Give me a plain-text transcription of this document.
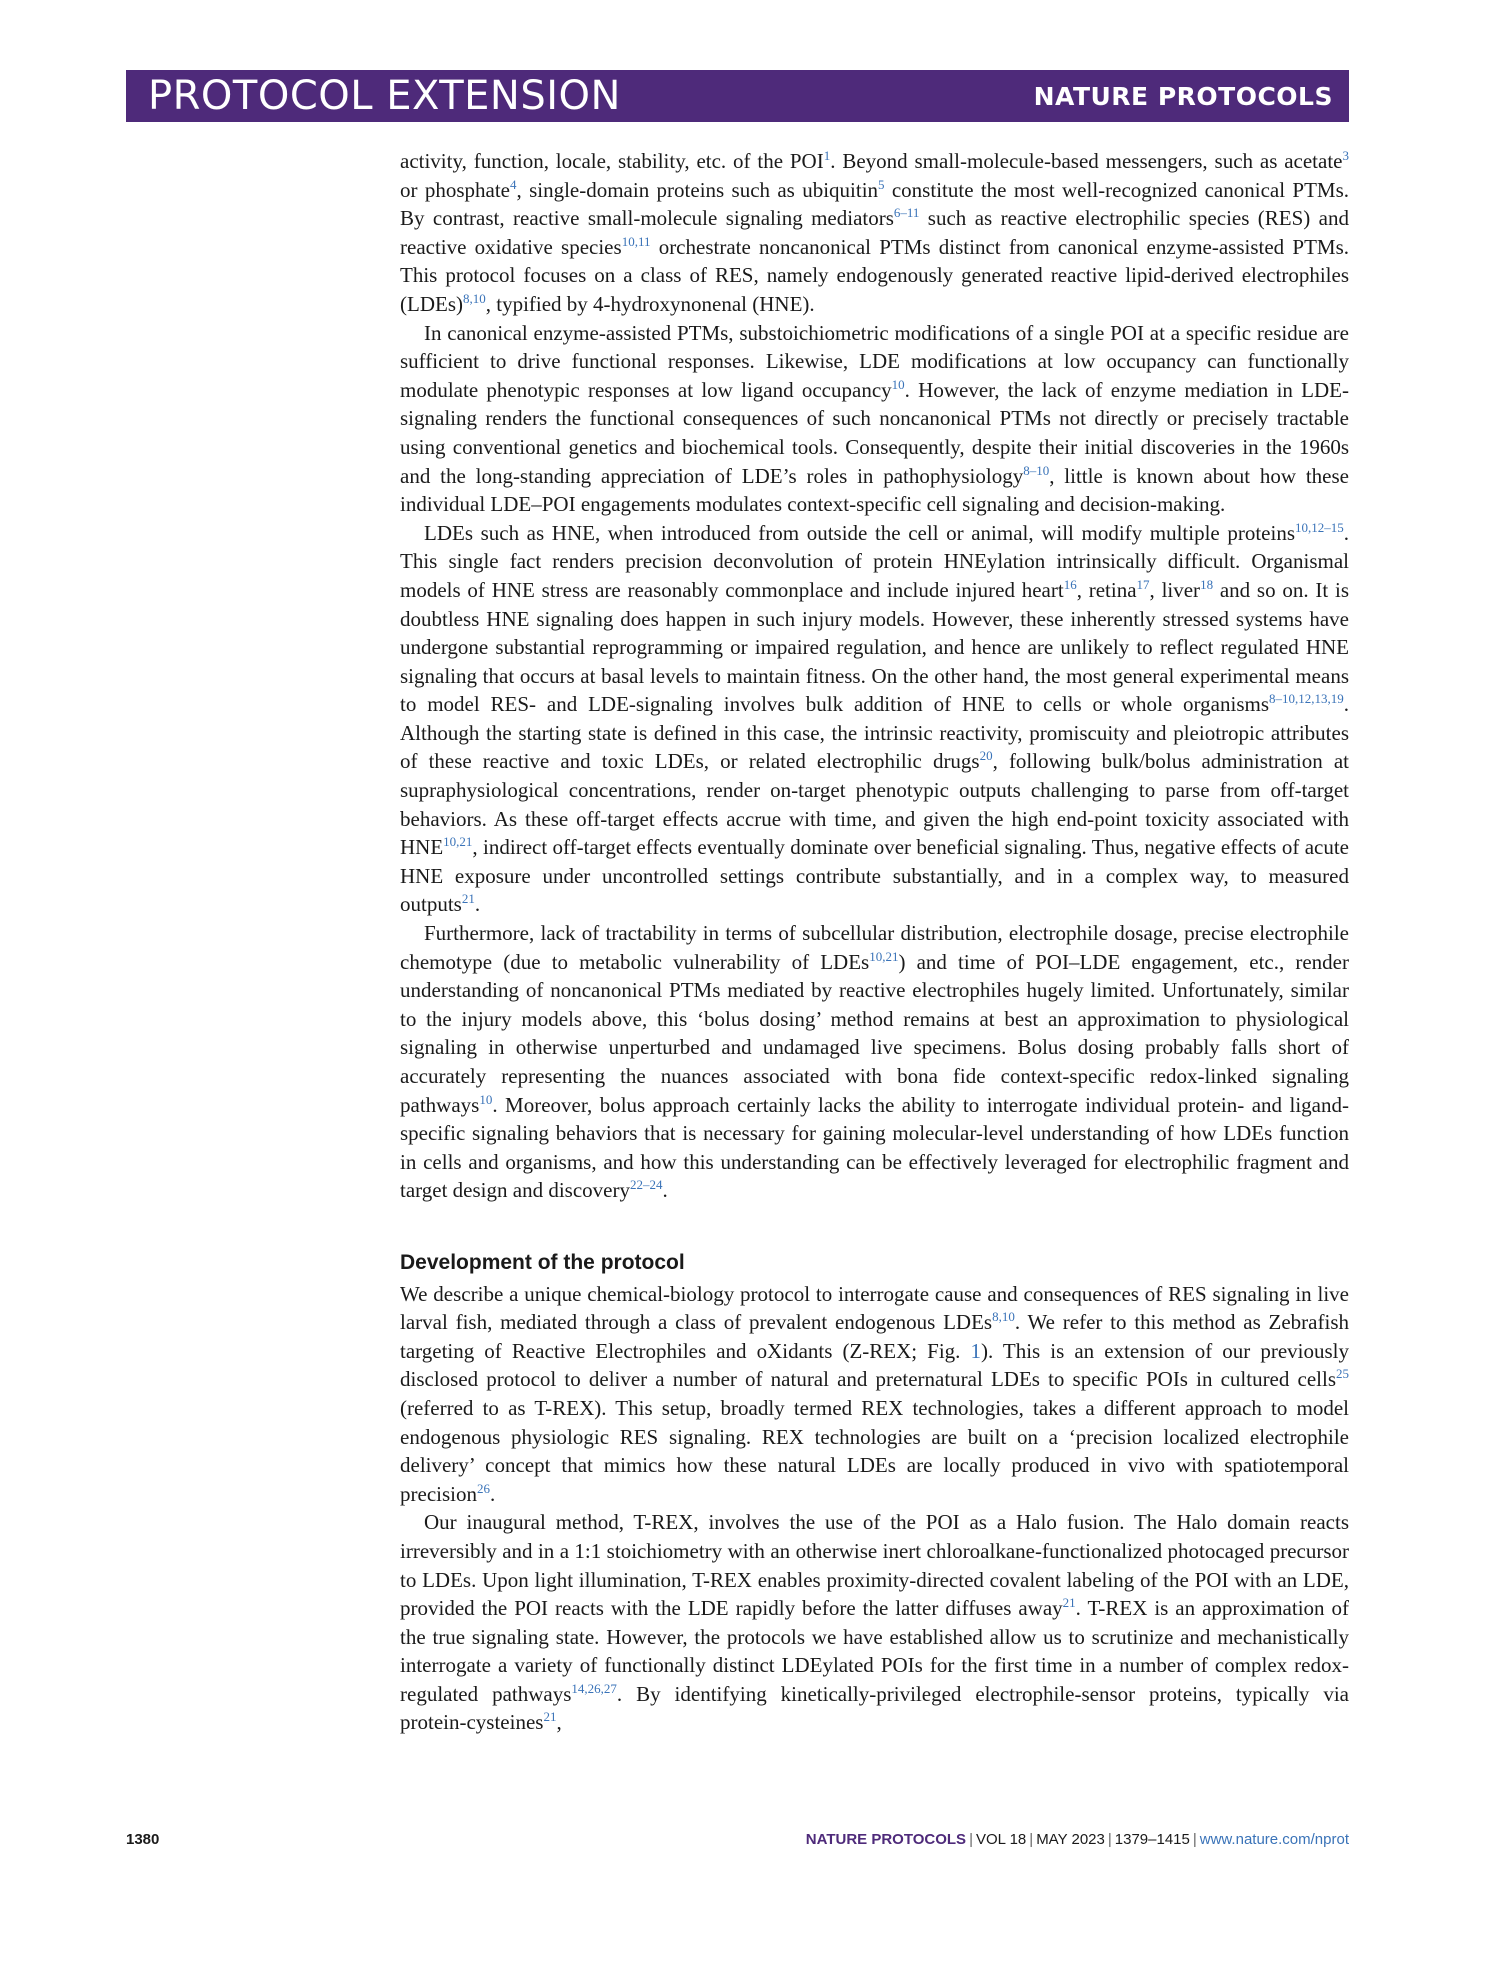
PROTOCOL EXTENSION	NATURE PROTOCOLS

activity, function, locale, stability, etc. of the POI$^1$. Beyond small-molecule-based messengers, such as acetate$^3$ or phosphate$^4$, single-domain proteins such as ubiquitin$^5$ constitute the most well-recognized canonical PTMs. By contrast, reactive small-molecule signaling mediators$^{6-11}$ such as reactive electrophilic species (RES) and reactive oxidative species$^{10,11}$ orchestrate noncanonical PTMs distinct from canonical enzyme-assisted PTMs. This protocol focuses on a class of RES, namely endogenously generated reactive lipid-derived electrophiles (LDEs)$^{8,10}$, typified by 4-hydroxynonenal (HNE).

In canonical enzyme-assisted PTMs, substoichiometric modifications of a single POI at a specific residue are sufficient to drive functional responses. Likewise, LDE modifications at low occupancy can functionally modulate phenotypic responses at low ligand occupancy$^{10}$. However, the lack of enzyme mediation in LDE-signaling renders the functional consequences of such noncanonical PTMs not directly or precisely tractable using conventional genetics and biochemical tools. Consequently, despite their initial discoveries in the 1960s and the long-standing appreciation of LDE’s roles in pathophysiology$^{8-10}$, little is known about how these individual LDE–POI engagements modulates context-specific cell signaling and decision-making.

LDEs such as HNE, when introduced from outside the cell or animal, will modify multiple proteins$^{10,12-15}$. This single fact renders precision deconvolution of protein HNEylation intrinsically difficult. Organismal models of HNE stress are reasonably commonplace and include injured heart$^{16}$, retina$^{17}$, liver$^{18}$ and so on. It is doubtless HNE signaling does happen in such injury models. However, these inherently stressed systems have undergone substantial reprogramming or impaired regulation, and hence are unlikely to reflect regulated HNE signaling that occurs at basal levels to maintain fitness. On the other hand, the most general experimental means to model RES- and LDE-signaling involves bulk addition of HNE to cells or whole organisms$^{8-10,12,13,19}$. Although the starting state is defined in this case, the intrinsic reactivity, promiscuity and pleiotropic attributes of these reactive and toxic LDEs, or related electrophilic drugs$^{20}$, following bulk/bolus administration at supraphysiological concentrations, render on-target phenotypic outputs challenging to parse from off-target behaviors. As these off-target effects accrue with time, and given the high end-point toxicity associated with HNE$^{10,21}$, indirect off-target effects eventually dominate over beneficial signaling. Thus, negative effects of acute HNE exposure under uncontrolled settings contribute substantially, and in a complex way, to measured outputs$^{21}$.

Furthermore, lack of tractability in terms of subcellular distribution, electrophile dosage, precise electrophile chemotype (due to metabolic vulnerability of LDEs$^{10,21}$) and time of POI–LDE engagement, etc., render understanding of noncanonical PTMs mediated by reactive electrophiles hugely limited. Unfortunately, similar to the injury models above, this ‘bolus dosing’ method remains at best an approximation to physiological signaling in otherwise unperturbed and undamaged live specimens. Bolus dosing probably falls short of accurately representing the nuances associated with bona fide context-specific redox-linked signaling pathways$^{10}$. Moreover, bolus approach certainly lacks the ability to interrogate individual protein- and ligand-specific signaling behaviors that is necessary for gaining molecular-level understanding of how LDEs function in cells and organisms, and how this understanding can be effectively leveraged for electrophilic fragment and target design and discovery$^{22-24}$.

Development of the protocol

We describe a unique chemical-biology protocol to interrogate cause and consequences of RES signaling in live larval fish, mediated through a class of prevalent endogenous LDEs$^{8,10}$. We refer to this method as Zebrafish targeting of Reactive Electrophiles and oXidants (Z-REX; Fig. 1). This is an extension of our previously disclosed protocol to deliver a number of natural and preternatural LDEs to specific POIs in cultured cells$^{25}$ (referred to as T-REX). This setup, broadly termed REX technologies, takes a different approach to model endogenous physiologic RES signaling. REX technologies are built on a ‘precision localized electrophile delivery’ concept that mimics how these natural LDEs are locally produced in vivo with spatiotemporal precision$^{26}$.

Our inaugural method, T-REX, involves the use of the POI as a Halo fusion. The Halo domain reacts irreversibly and in a 1:1 stoichiometry with an otherwise inert chloroalkane-functionalized photocaged precursor to LDEs. Upon light illumination, T-REX enables proximity-directed covalent labeling of the POI with an LDE, provided the POI reacts with the LDE rapidly before the latter diffuses away$^{21}$. T-REX is an approximation of the true signaling state. However, the protocols we have established allow us to scrutinize and mechanistically interrogate a variety of functionally distinct LDEylated POIs for the first time in a number of complex redox-regulated pathways$^{14,26,27}$. By identifying kinetically-privileged electrophile-sensor proteins, typically via protein-cysteines$^{21}$,

1380	NATURE PROTOCOLS | VOL 18 | MAY 2023 | 1379–1415 | www.nature.com/nprot
